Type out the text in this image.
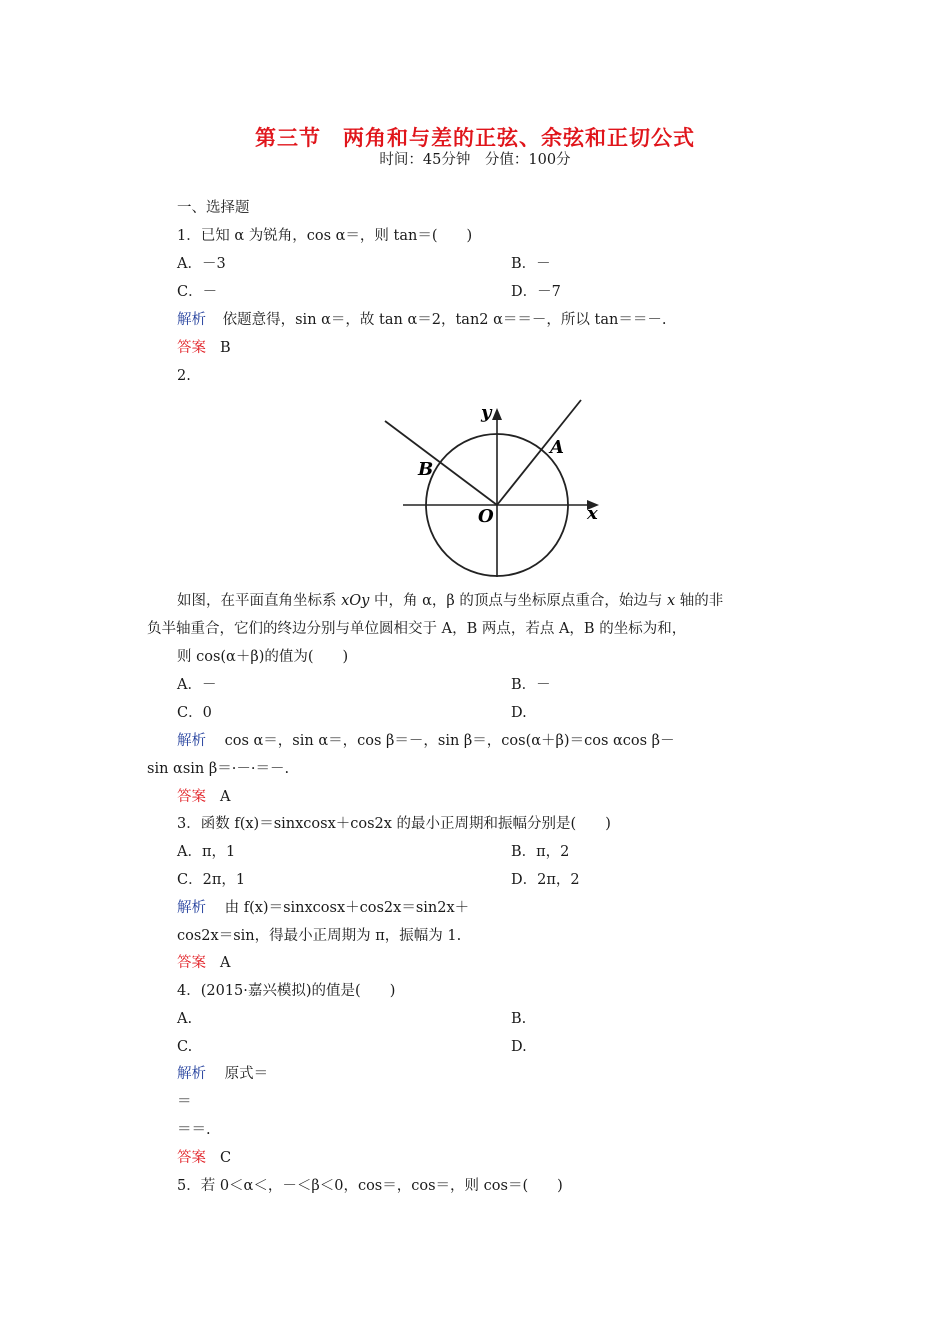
第三节 两角和与差的正弦、余弦和正切公式
时间：45分钟　分值：100分
一、选择题
1．已知 α 为锐角，cos α＝，则 tan＝(　　)
A．－3	B．－
C．－	D．－7
解析 依题意得，sin α＝，故 tan α＝2，tan2 α＝＝－，所以 tan＝＝－.
答案 B
2.
y
x
O
A
B
如图，在平面直角坐标系 xOy 中，角 α，β 的顶点与坐标原点重合，始边与 x 轴的非
负半轴重合，它们的终边分别与单位圆相交于 A，B 两点，若点 A，B 的坐标为和，
则 cos(α＋β)的值为(　　)
A．－	B．－
C．0	D.
解析 cos α＝，sin α＝，cos β＝－，sin β＝，cos(α＋β)＝cos αcos β－
sin αsin β＝·－·＝－.
答案 A
3．函数 f(x)＝sinxcosx＋cos2x 的最小正周期和振幅分别是(　　)
A．π，1	B．π，2
C．2π，1	D．2π，2
解析 由 f(x)＝sinxcosx＋cos2x＝sin2x＋
cos2x＝sin，得最小正周期为 π，振幅为 1.
答案 A
4．(2015·嘉兴模拟)的值是(　　)
A.	B.
C.	D.
解析 原式＝
＝
＝＝.
答案 C
5．若 0＜α＜，－＜β＜0，cos＝，cos＝，则 cos＝(　　)
